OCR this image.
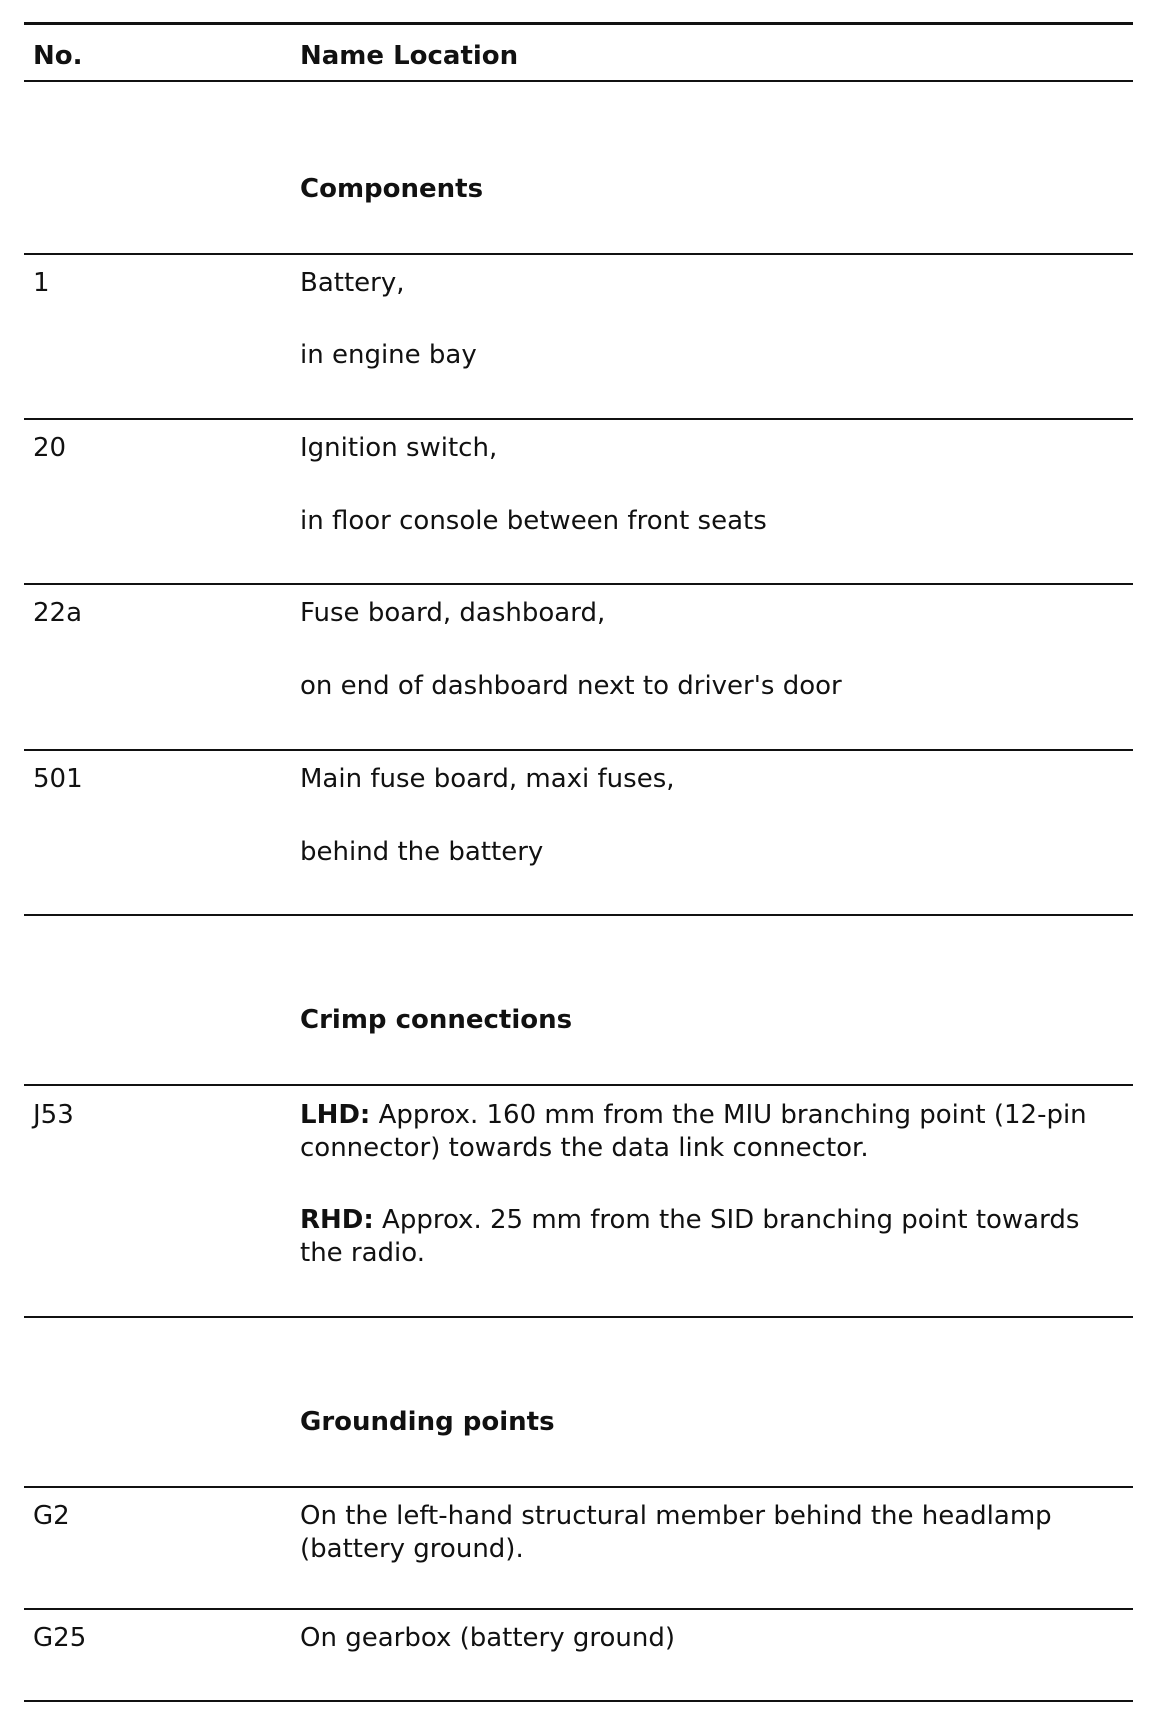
No.	Name Location
Components
1	Battery,
in engine bay
20	Ignition switch,
in floor console between front seats
22a	Fuse board, dashboard,
on end of dashboard next to driver's door
501	Main fuse board, maxi fuses,
behind the battery
Crimp connections
J53	LHD: Approx. 160 mm from the MIU branching point (12-pin connector) towards the data link connector.
RHD: Approx. 25 mm from the SID branching point towards the radio.
Grounding points
G2	On the left-hand structural member behind the headlamp (battery ground).
G25	On gearbox (battery ground)
